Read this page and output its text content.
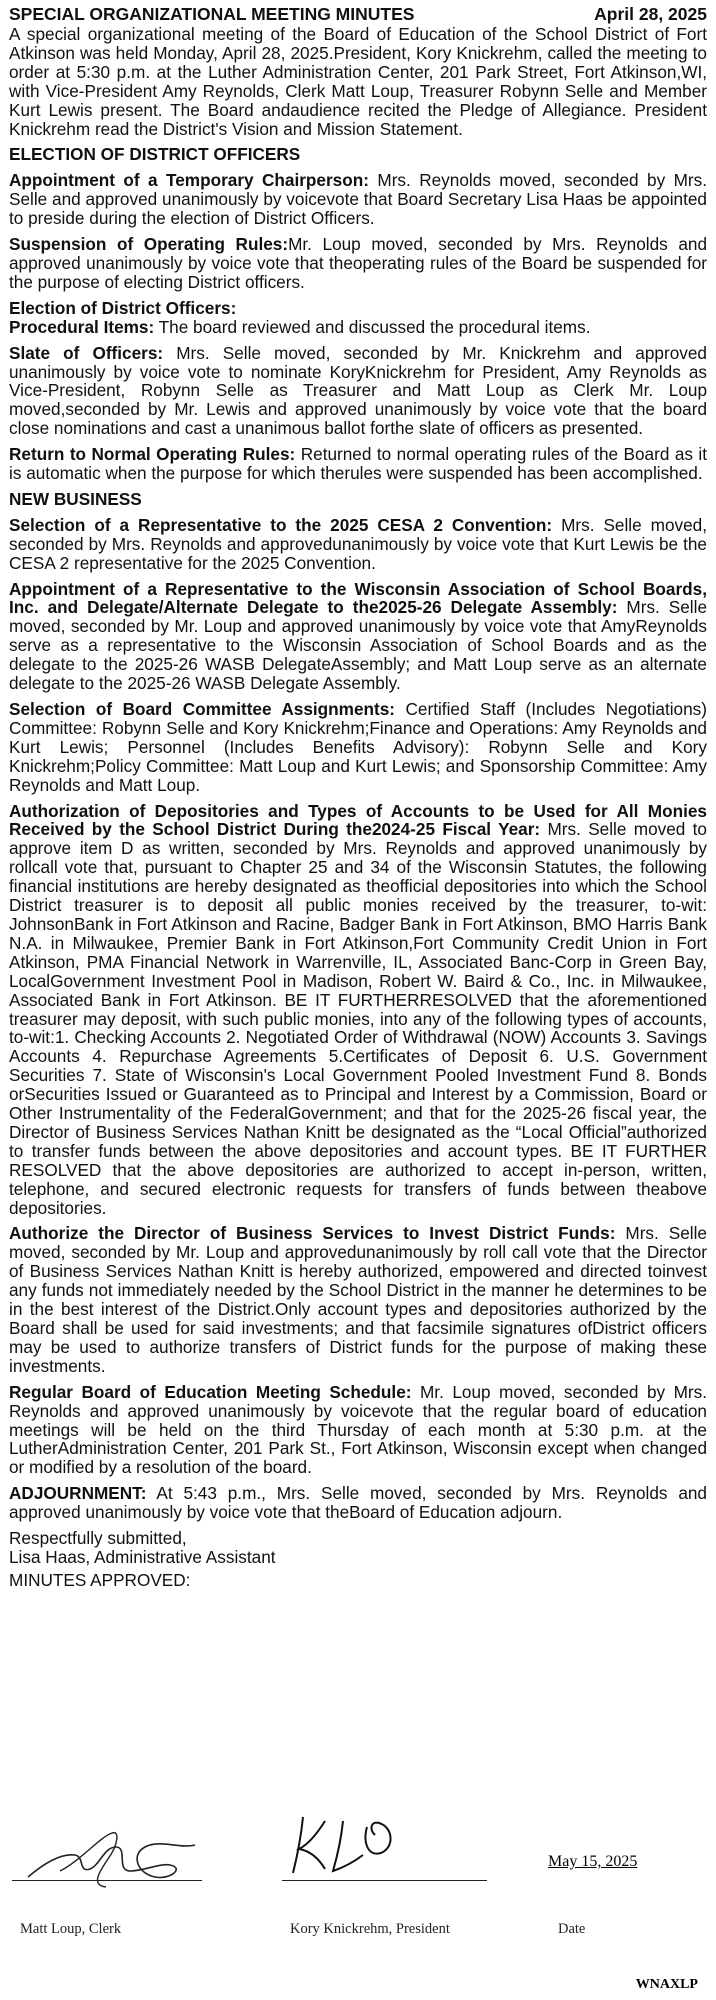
SPECIAL ORGANIZATIONAL MEETING MINUTES	April 28, 2025

A special organizational meeting of the Board of Education of the School District of Fort Atkinson was held Monday, April 28, 2025.President, Kory Knickrehm, called the meeting to order at 5:30 p.m. at the Luther Administration Center, 201 Park Street, Fort Atkinson,WI, with Vice-President Amy Reynolds, Clerk Matt Loup, Treasurer Robynn Selle and Member Kurt Lewis present. The Board andaudience recited the Pledge of Allegiance. President Knickrehm read the District's Vision and Mission Statement.

ELECTION OF DISTRICT OFFICERS

Appointment of a Temporary Chairperson: Mrs. Reynolds moved, seconded by Mrs. Selle and approved unanimously by voicevote that Board Secretary Lisa Haas be appointed to preside during the election of District Officers.

Suspension of Operating Rules:Mr. Loup moved, seconded by Mrs. Reynolds and approved unanimously by voice vote that theoperating rules of the Board be suspended for the purpose of electing District officers.

Election of District Officers:

Procedural Items: The board reviewed and discussed the procedural items.

Slate of Officers: Mrs. Selle moved, seconded by Mr. Knickrehm and approved unanimously by voice vote to nominate KoryKnickrehm for President, Amy Reynolds as Vice-President, Robynn Selle as Treasurer and Matt Loup as Clerk Mr. Loup moved,seconded by Mr. Lewis and approved unanimously by voice vote that the board close nominations and cast a unanimous ballot forthe slate of officers as presented.

Return to Normal Operating Rules: Returned to normal operating rules of the Board as it is automatic when the purpose for which therules were suspended has been accomplished.

NEW BUSINESS

Selection of a Representative to the 2025 CESA 2 Convention: Mrs. Selle moved, seconded by Mrs. Reynolds and approvedunanimously by voice vote that Kurt Lewis be the CESA 2 representative for the 2025 Convention.

Appointment of a Representative to the Wisconsin Association of School Boards, Inc. and Delegate/Alternate Delegate to the2025-26 Delegate Assembly: Mrs. Selle moved, seconded by Mr. Loup and approved unanimously by voice vote that AmyReynolds serve as a representative to the Wisconsin Association of School Boards and as the delegate to the 2025-26 WASB DelegateAssembly; and Matt Loup serve as an alternate delegate to the 2025-26 WASB Delegate Assembly.

Selection of Board Committee Assignments: Certified Staff (Includes Negotiations) Committee: Robynn Selle and Kory Knickrehm;Finance and Operations: Amy Reynolds and Kurt Lewis; Personnel (Includes Benefits Advisory): Robynn Selle and Kory Knickrehm;Policy Committee: Matt Loup and Kurt Lewis; and Sponsorship Committee: Amy Reynolds and Matt Loup.

Authorization of Depositories and Types of Accounts to be Used for All Monies Received by the School District During the2024-25 Fiscal Year: Mrs. Selle moved to approve item D as written, seconded by Mrs. Reynolds and approved unanimously by rollcall vote that, pursuant to Chapter 25 and 34 of the Wisconsin Statutes, the following financial institutions are hereby designated as theofficial depositories into which the School District treasurer is to deposit all public monies received by the treasurer, to-wit: JohnsonBank in Fort Atkinson and Racine, Badger Bank in Fort Atkinson, BMO Harris Bank N.A. in Milwaukee, Premier Bank in Fort Atkinson,Fort Community Credit Union in Fort Atkinson, PMA Financial Network in Warrenville, IL, Associated Banc-Corp in Green Bay, LocalGovernment Investment Pool in Madison, Robert W. Baird & Co., Inc. in Milwaukee, Associated Bank in Fort Atkinson. BE IT FURTHERRESOLVED that the aforementioned treasurer may deposit, with such public monies, into any of the following types of accounts, to-wit:1. Checking Accounts 2. Negotiated Order of Withdrawal (NOW) Accounts 3. Savings Accounts 4. Repurchase Agreements 5.Certificates of Deposit 6. U.S. Government Securities 7. State of Wisconsin's Local Government Pooled Investment Fund 8. Bonds orSecurities Issued or Guaranteed as to Principal and Interest by a Commission, Board or Other Instrumentality of the FederalGovernment; and that for the 2025-26 fiscal year, the Director of Business Services Nathan Knitt be designated as the “Local Official”authorized to transfer funds between the above depositories and account types. BE IT FURTHER RESOLVED that the above depositories are authorized to accept in-person, written, telephone, and secured electronic requests for transfers of funds between theabove depositories.

Authorize the Director of Business Services to Invest District Funds: Mrs. Selle moved, seconded by Mr. Loup and approvedunanimously by roll call vote that the Director of Business Services Nathan Knitt is hereby authorized, empowered and directed toinvest any funds not immediately needed by the School District in the manner he determines to be in the best interest of the District.Only account types and depositories authorized by the Board shall be used for said investments; and that facsimile signatures ofDistrict officers may be used to authorize transfers of District funds for the purpose of making these investments.

Regular Board of Education Meeting Schedule: Mr. Loup moved, seconded by Mrs. Reynolds and approved unanimously by voicevote that the regular board of education meetings will be held on the third Thursday of each month at 5:30 p.m. at the LutherAdministration Center, 201 Park St., Fort Atkinson, Wisconsin except when changed or modified by a resolution of the board.

ADJOURNMENT: At 5:43 p.m., Mrs. Selle moved, seconded by Mrs. Reynolds and approved unanimously by voice vote that theBoard of Education adjourn.

Respectfully submitted,
Lisa Haas, Administrative Assistant
MINUTES APPROVED:
May 15, 2025
Matt Loup, Clerk	Kory Knickrehm, President	Date
WNAXLP
